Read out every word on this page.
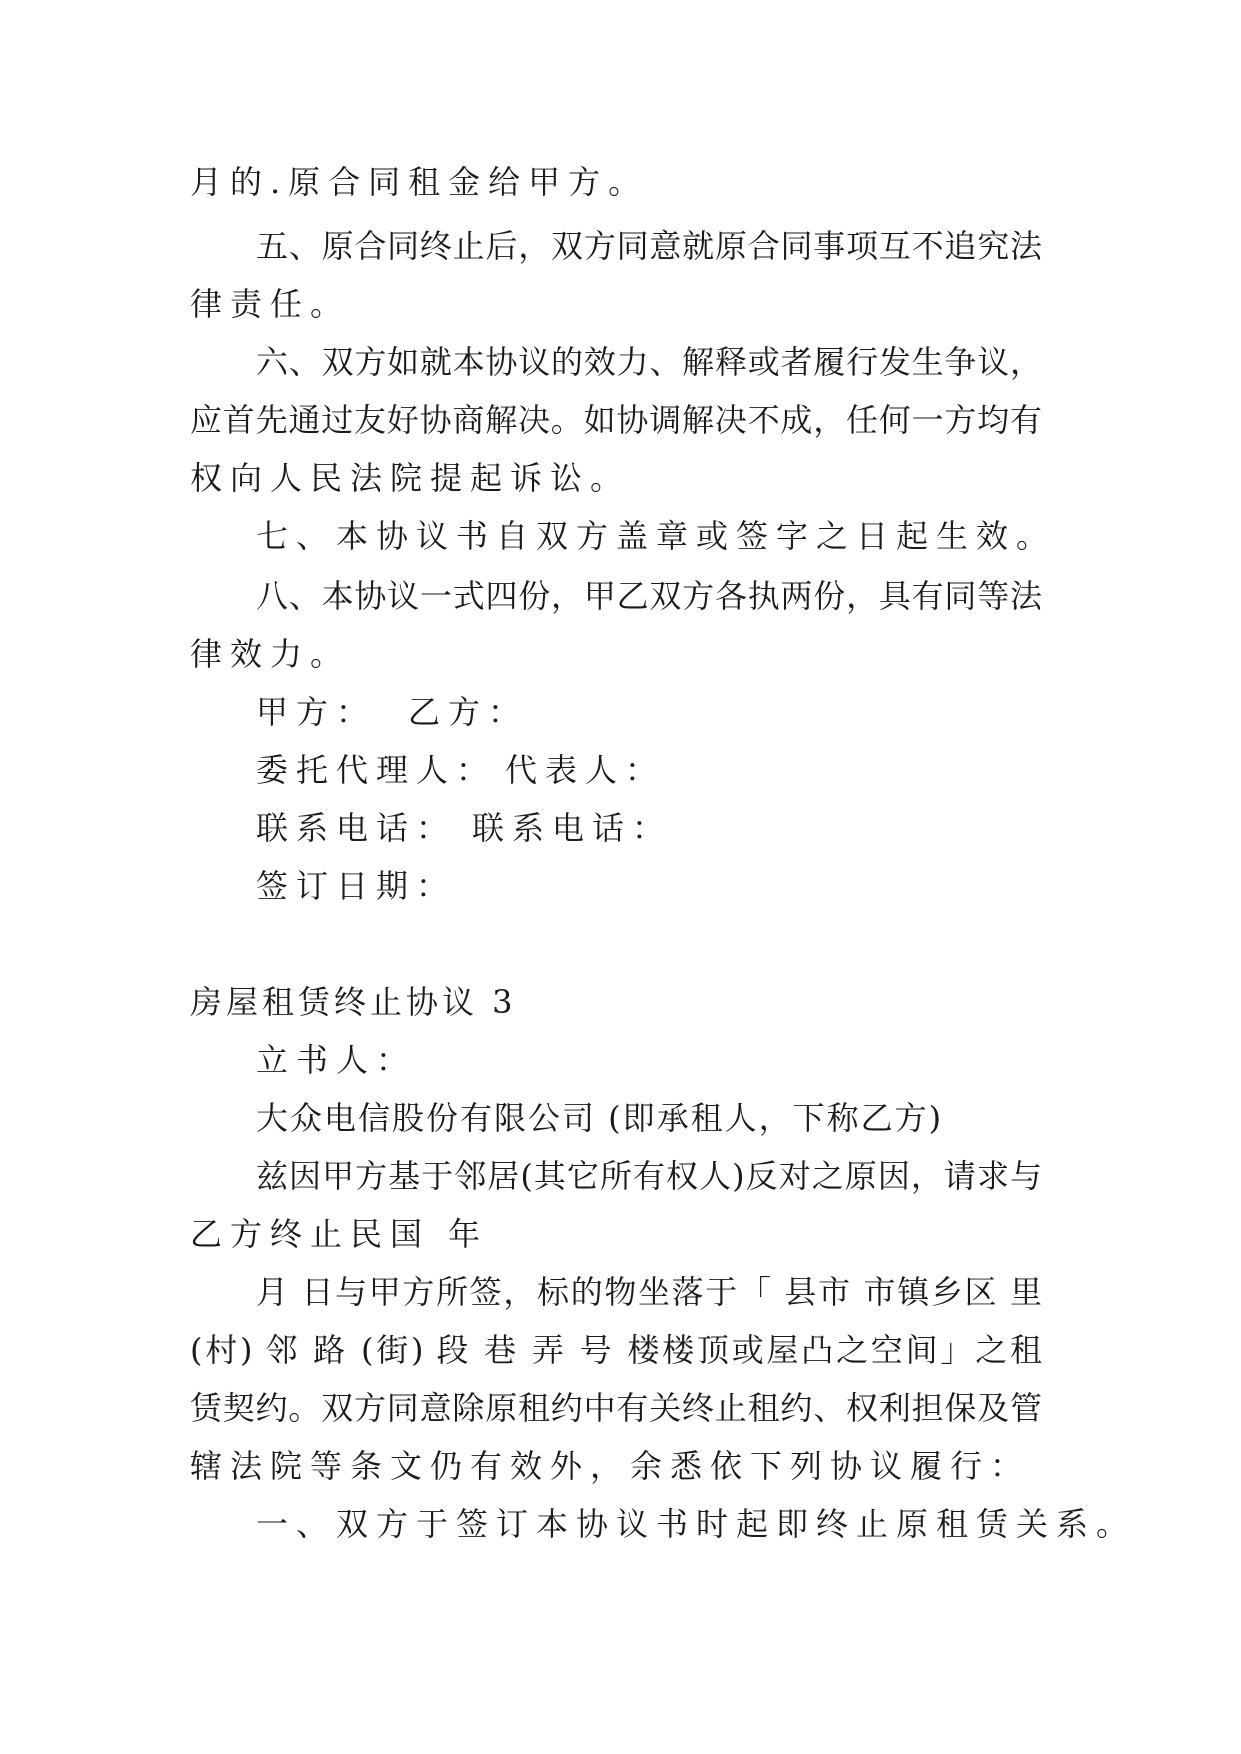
月的.原合同租金给甲方。
五、原合同终止后，双方同意就原合同事项互不追究法
律责任。
六、双方如就本协议的效力、解释或者履行发生争议，
应首先通过友好协商解决。如协调解决不成，任何一方均有
权向人民法院提起诉讼。
七、本协议书自双方盖章或签字之日起生效。
八、本协议一式四份，甲乙双方各执两份，具有同等法
律效力。
甲方： 乙方：
委托代理人： 代表人：
联系电话： 联系电话：
签订日期：
房屋租赁终止协议 3
立书人：
大众电信股份有限公司 (即承租人，下称乙方)
兹因甲方基于邻居(其它所有权人)反对之原因，请求与
乙方终止民国 年
月 日与甲方所签，标的物坐落于「 县市 市镇乡区 里
(村) 邻 路 (街) 段 巷 弄 号 楼楼顶或屋凸之空间」之租
赁契约。双方同意除原租约中有关终止租约、权利担保及管
辖法院等条文仍有效外，余悉依下列协议履行：
一、双方于签订本协议书时起即终止原租赁关系。
